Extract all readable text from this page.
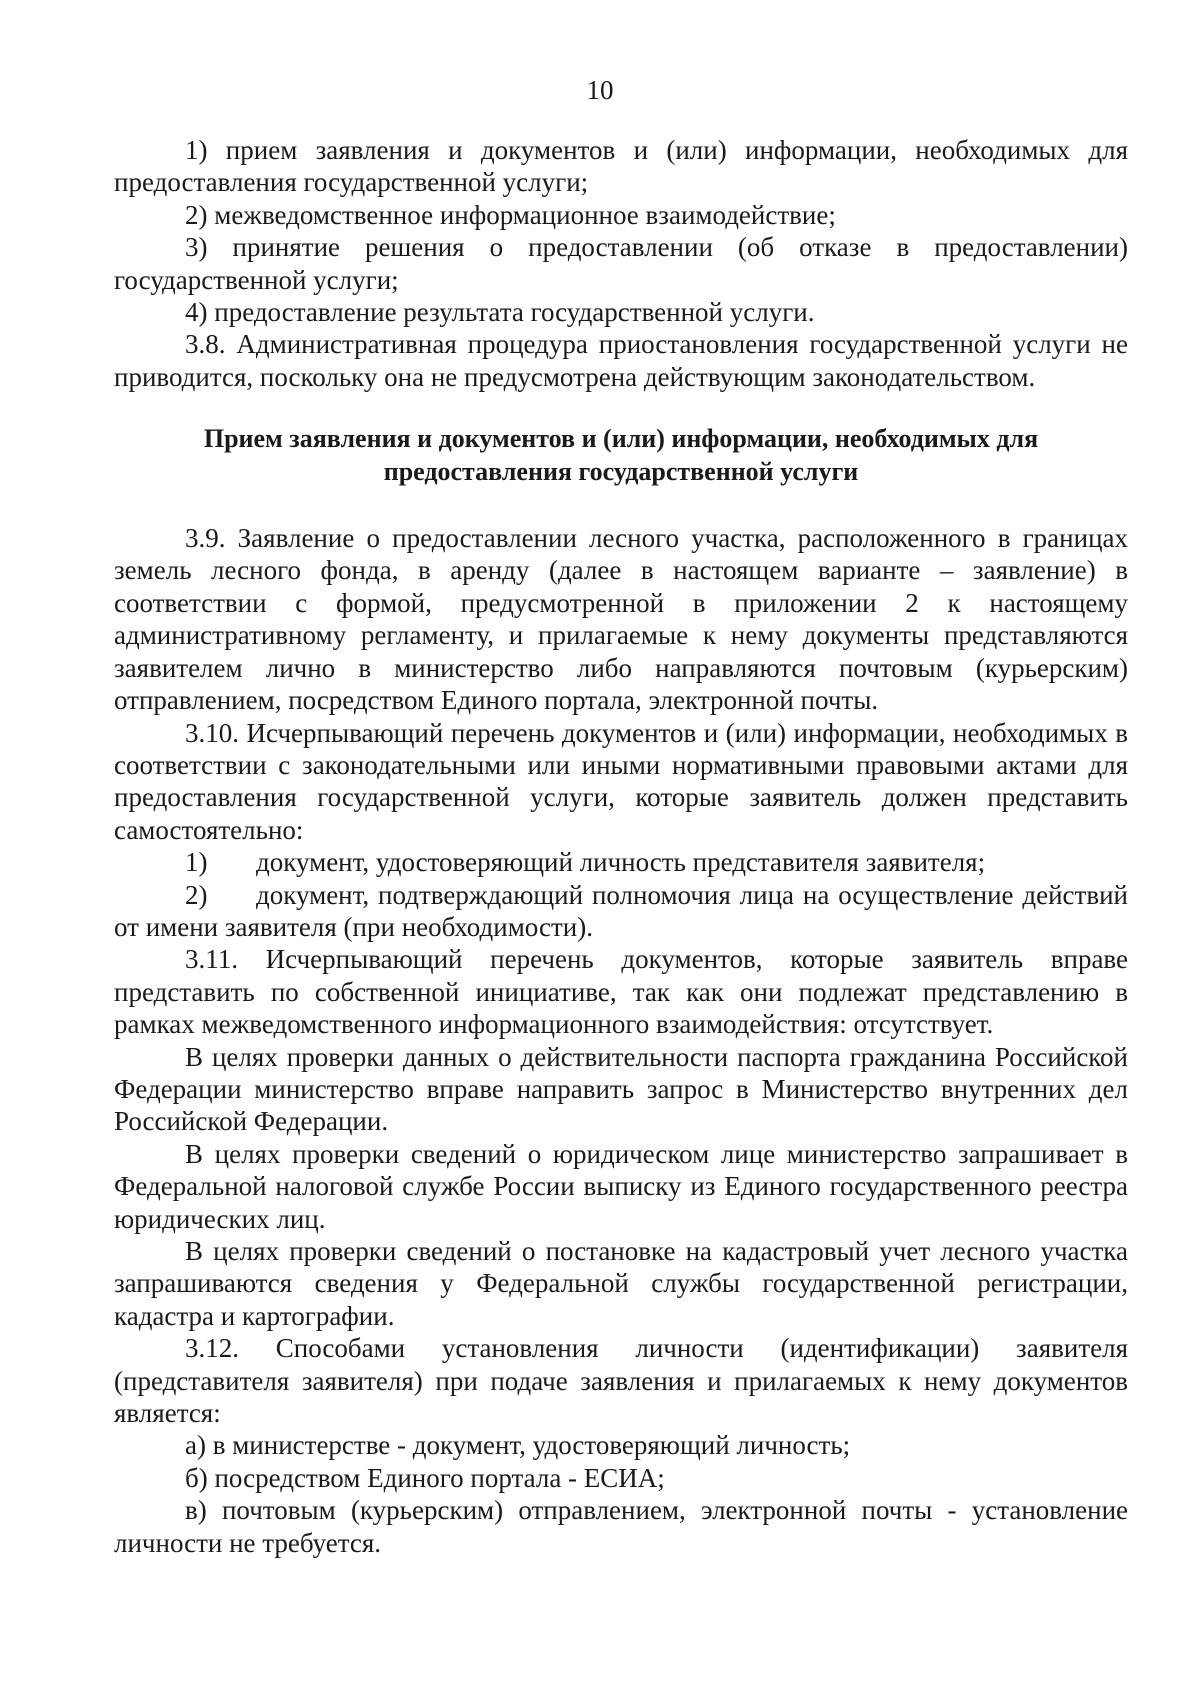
10

1) прием заявления и документов и (или) информации, необходимых для предоставления государственной услуги;

2) межведомственное информационное взаимодействие;

3) принятие решения о предоставлении (об отказе в предоставлении) государственной услуги;

4) предоставление результата государственной услуги.

3.8. Административная процедура приостановления государственной услуги не приводится, поскольку она не предусмотрена действующим законодательством.

Прием заявления и документов и (или) информации, необходимых для
предоставления государственной услуги

3.9. Заявление о предоставлении лесного участка, расположенного в границах земель лесного фонда, в аренду (далее в настоящем варианте – заявление) в соответствии с формой, предусмотренной в приложении 2 к настоящему административному регламенту, и прилагаемые к нему документы представляются заявителем лично в министерство либо направляются почтовым (курьерским) отправлением, посредством Единого портала, электронной почты.

3.10. Исчерпывающий перечень документов и (или) информации, необходимых в соответствии с законодательными или иными нормативными правовыми актами для предоставления государственной услуги, которые заявитель должен представить самостоятельно:

1) документ, удостоверяющий личность представителя заявителя;

2) документ, подтверждающий полномочия лица на осуществление действий от имени заявителя (при необходимости).

3.11. Исчерпывающий перечень документов, которые заявитель вправе представить по собственной инициативе, так как они подлежат представлению в рамках межведомственного информационного взаимодействия: отсутствует.

В целях проверки данных о действительности паспорта гражданина Российской Федерации министерство вправе направить запрос в Министерство внутренних дел Российской Федерации.

В целях проверки сведений о юридическом лице министерство запрашивает в Федеральной налоговой службе России выписку из Единого государственного реестра юридических лиц.

В целях проверки сведений о постановке на кадастровый учет лесного участка запрашиваются сведения у Федеральной службы государственной регистрации, кадастра и картографии.

3.12. Способами установления личности (идентификации) заявителя (представителя заявителя) при подаче заявления и прилагаемых к нему документов является:

а) в министерстве - документ, удостоверяющий личность;

б) посредством Единого портала - ЕСИА;

в) почтовым (курьерским) отправлением, электронной почты - установление личности не требуется.
